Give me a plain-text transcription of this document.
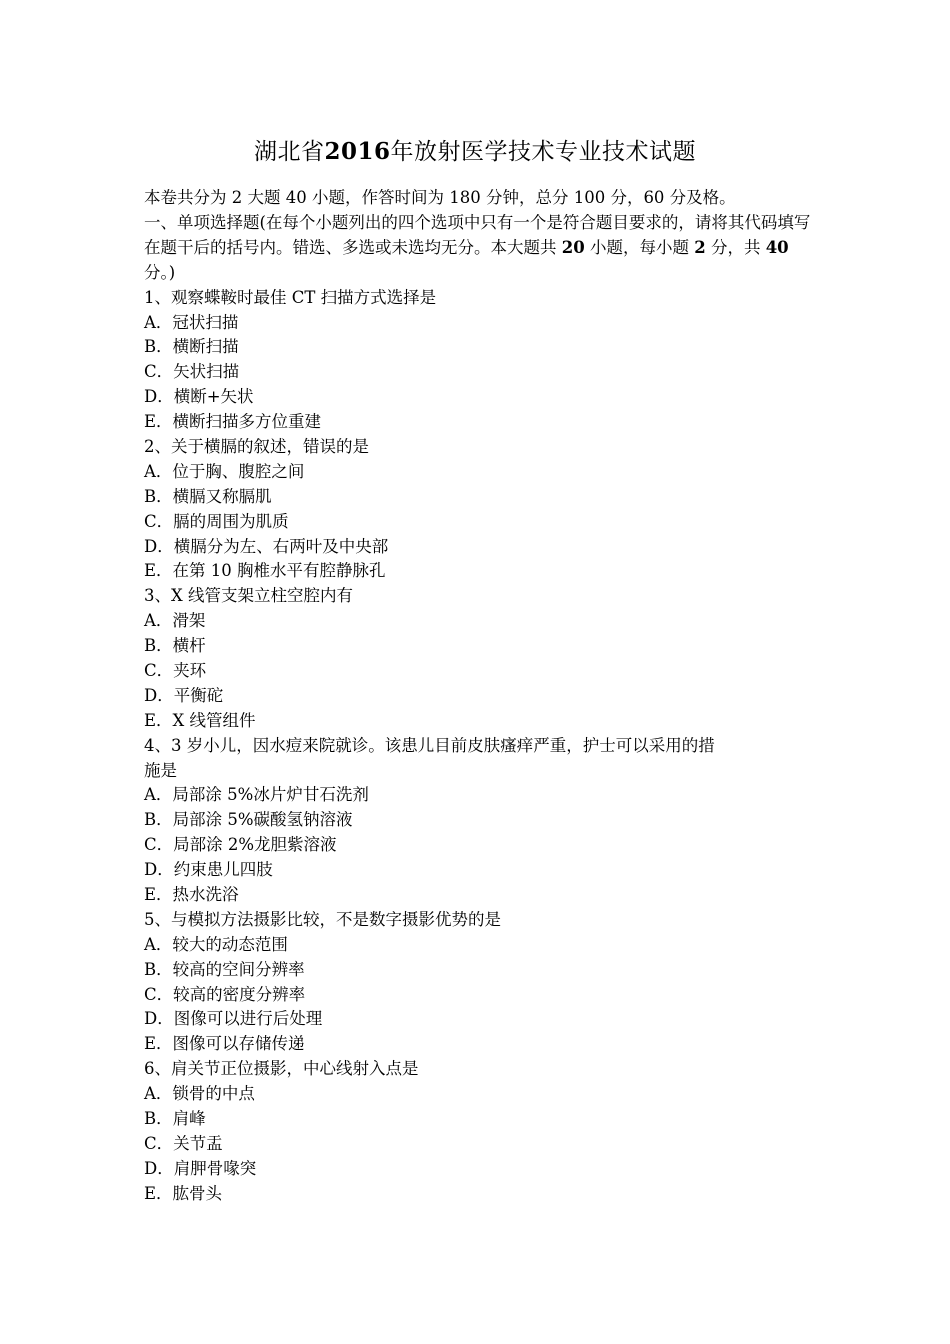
湖北省2016年放射医学技术专业技术试题
本卷共分为 2 大题 40 小题，作答时间为 180 分钟，总分 100 分，60 分及格。
一、单项选择题(在每个小题列出的四个选项中只有一个是符合题目要求的，请将其代码填写在题干后的括号内。错选、多选或未选均无分。本大题共 20 小题，每小题 2 分，共 40 分。)
1、观察蝶鞍时最佳 CT 扫描方式选择是
A．冠状扫描
B．横断扫描
C．矢状扫描
D．横断+矢状
E．横断扫描多方位重建
2、关于横膈的叙述，错误的是
A．位于胸、腹腔之间
B．横膈又称膈肌
C．膈的周围为肌质
D．横膈分为左、右两叶及中央部
E．在第 10 胸椎水平有腔静脉孔
3、X 线管支架立柱空腔内有
A．滑架
B．横杆
C．夹环
D．平衡砣
E．X 线管组件
4、3 岁小儿，因水痘来院就诊。该患儿目前皮肤瘙痒严重，护士可以采用的措
施是
A．局部涂 5%冰片炉甘石洗剂
B．局部涂 5%碳酸氢钠溶液
C．局部涂 2%龙胆紫溶液
D．约束患儿四肢
E．热水洗浴
5、与模拟方法摄影比较，不是数字摄影优势的是
A．较大的动态范围
B．较高的空间分辨率
C．较高的密度分辨率
D．图像可以进行后处理
E．图像可以存储传递
6、肩关节正位摄影，中心线射入点是
A．锁骨的中点
B．肩峰
C．关节盂
D．肩胛骨喙突
E．肱骨头
